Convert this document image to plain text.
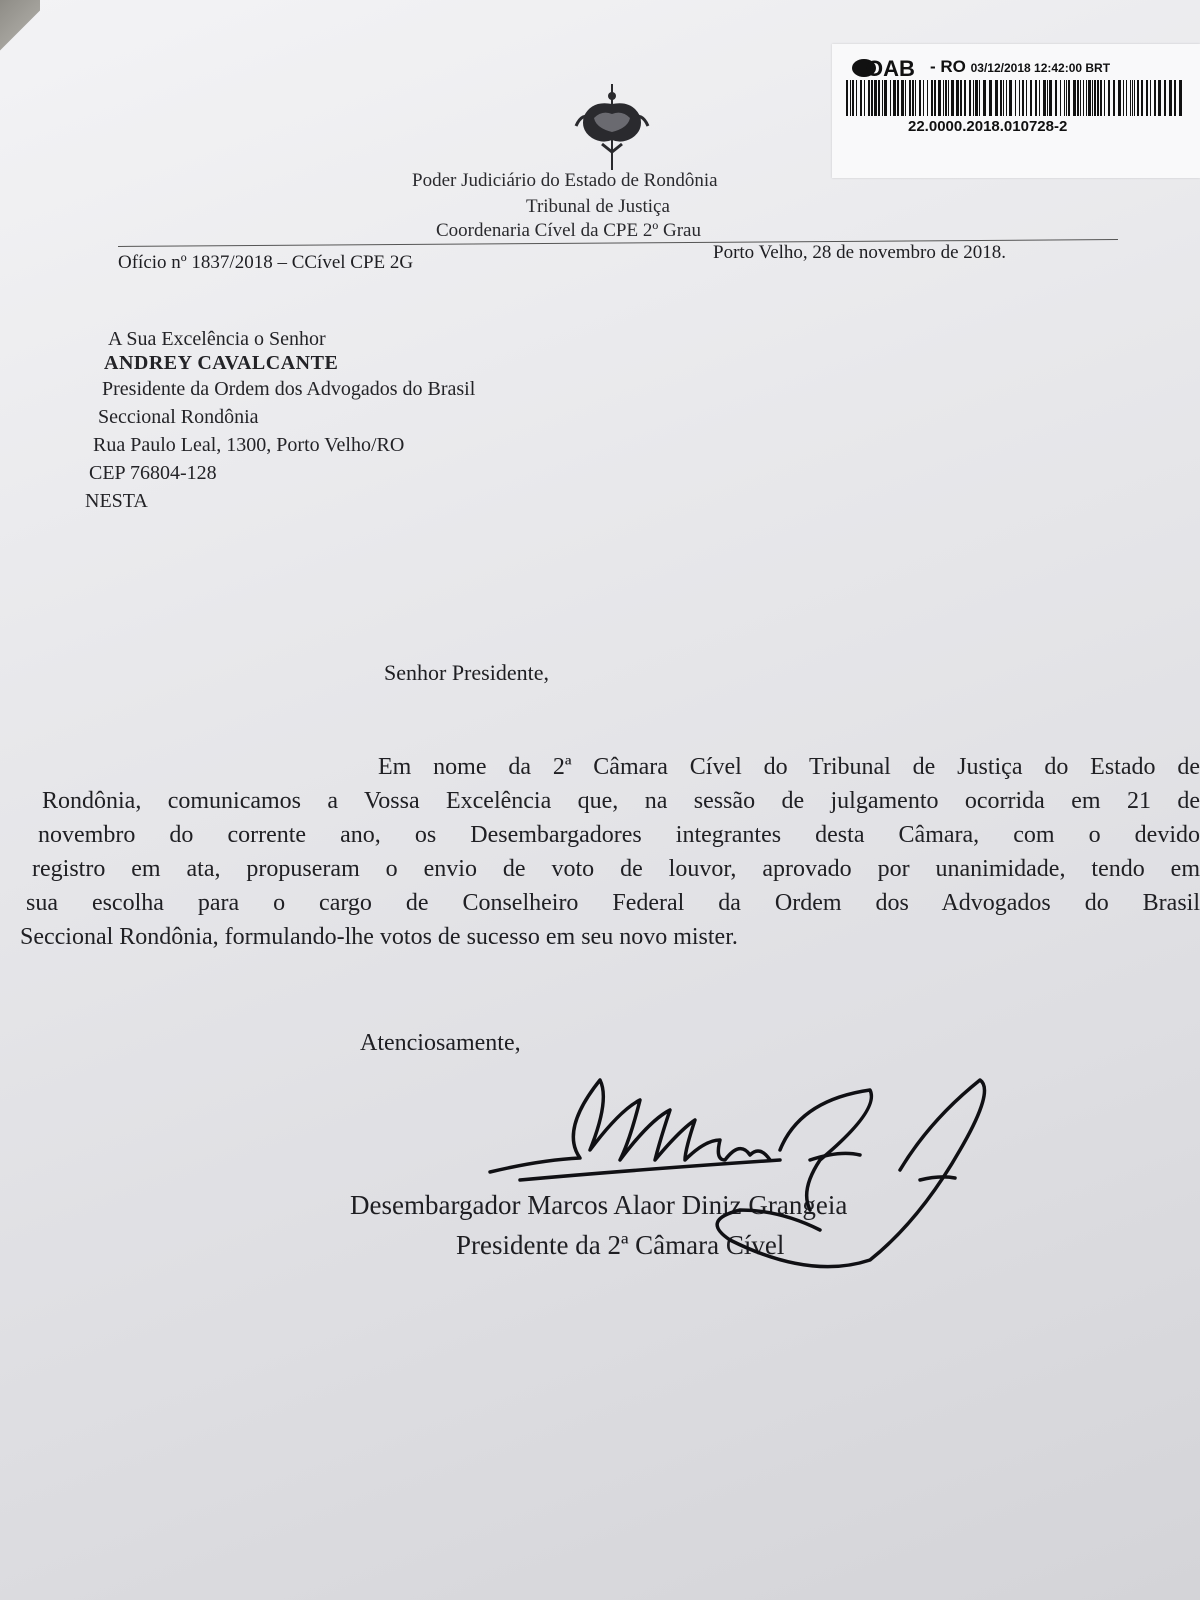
Poder Judiciário do Estado de Rondônia
Tribunal de Justiça
Coordenaria Cível da CPE 2º Grau
Ofício nº 1837/2018 – CCível CPE 2G	Porto Velho, 28 de novembro de 2018.
OAB - RO 03/12/2018 12:42:00 BRT
22.0000.2018.010728-2
A Sua Excelência o Senhor
ANDREY CAVALCANTE
Presidente da Ordem dos Advogados do Brasil
Seccional Rondônia
Rua Paulo Leal, 1300, Porto Velho/RO
CEP 76804-128
NESTA
Senhor Presidente,
Em nome da 2ª Câmara Cível do Tribunal de Justiça do Estado de
Rondônia, comunicamos a Vossa Excelência que, na sessão de julgamento ocorrida em 21 de
novembro do corrente ano, os Desembargadores integrantes desta Câmara, com o devido
registro em ata, propuseram o envio de voto de louvor, aprovado por unanimidade, tendo em
sua escolha para o cargo de Conselheiro Federal da Ordem dos Advogados do Brasil
Seccional Rondônia, formulando-lhe votos de sucesso em seu novo mister.
Atenciosamente,
Desembargador Marcos Alaor Diniz Grangeia
Presidente da 2ª Câmara Cível
